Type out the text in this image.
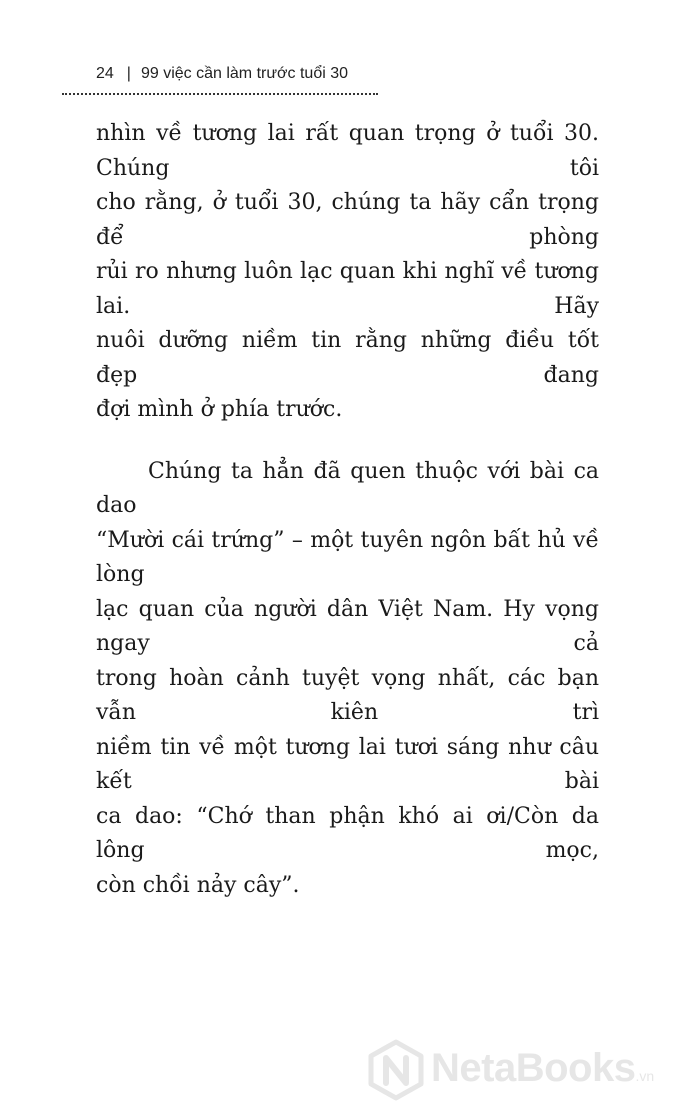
24 | 99 việc cần làm trước tuổi 30

nhìn về tương lai rất quan trọng ở tuổi 30. Chúng tôi
cho rằng, ở tuổi 30, chúng ta hãy cẩn trọng để phòng
rủi ro nhưng luôn lạc quan khi nghĩ về tương lai. Hãy
nuôi dưỡng niềm tin rằng những điều tốt đẹp đang
đợi mình ở phía trước.

Chúng ta hẳn đã quen thuộc với bài ca dao
“Mười cái trứng” – một tuyên ngôn bất hủ về lòng
lạc quan của người dân Việt Nam. Hy vọng ngay cả
trong hoàn cảnh tuyệt vọng nhất, các bạn vẫn kiên trì
niềm tin về một tương lai tươi sáng như câu kết bài
ca dao: “Chớ than phận khó ai ơi/Còn da lông mọc,
còn chồi nảy cây”.

NetaBooks.vn
